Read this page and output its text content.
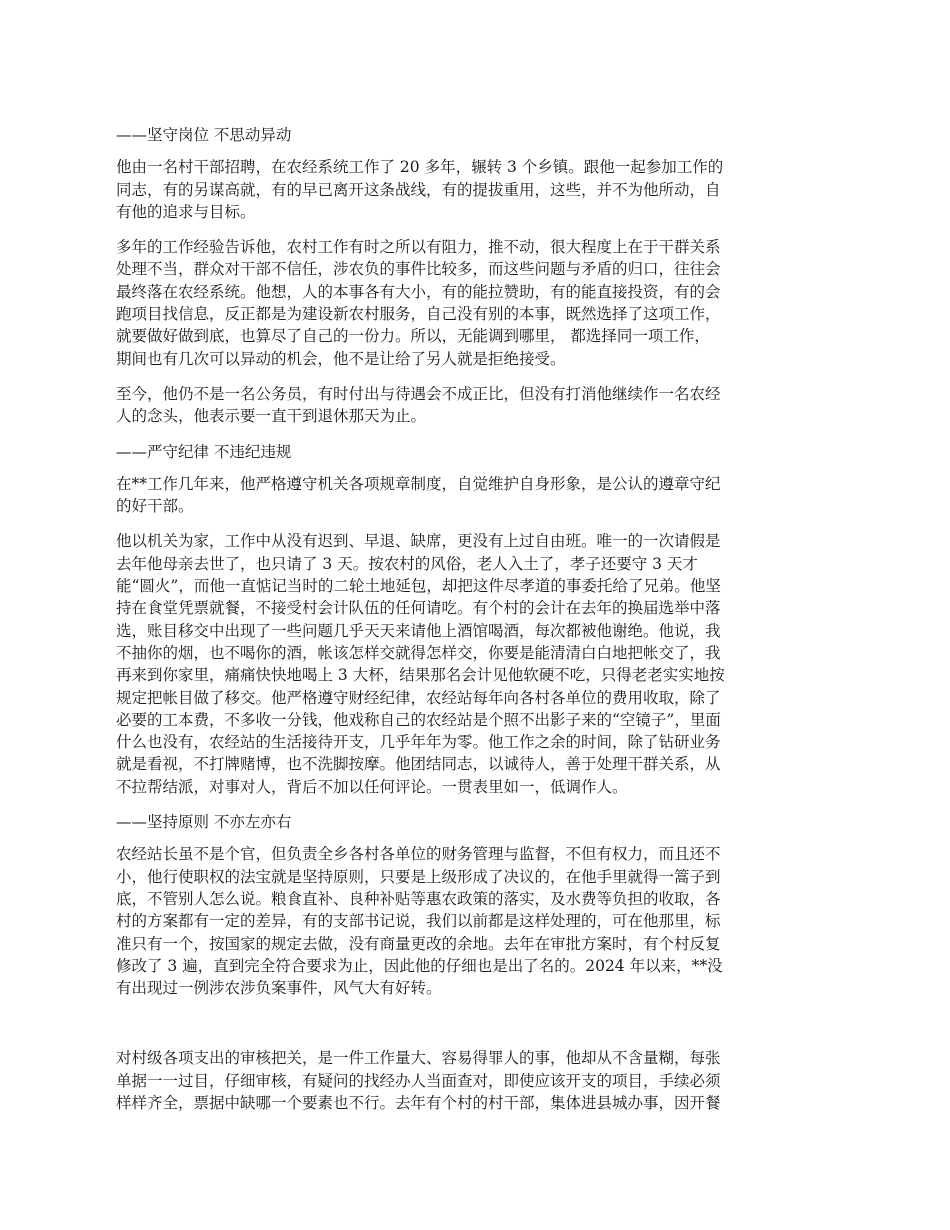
——坚守岗位 不思动异动
他由一名村干部招聘，在农经系统工作了 20 多年，辗转 3 个乡镇。跟他一起参加工作的
同志，有的另谋高就，有的早已离开这条战线，有的提拔重用，这些，并不为他所动，自
有他的追求与目标。
多年的工作经验告诉他，农村工作有时之所以有阻力，推不动，很大程度上在于干群关系
处理不当，群众对干部不信任，涉农负的事件比较多，而这些问题与矛盾的归口，往往会
最终落在农经系统。他想，人的本事各有大小，有的能拉赞助，有的能直接投资，有的会
跑项目找信息，反正都是为建设新农村服务，自己没有别的本事，既然选择了这项工作，
就要做好做到底，也算尽了自己的一份力。所以，无能调到哪里， 都选择同一项工作，
期间也有几次可以异动的机会，他不是让给了另人就是拒绝接受。
至今，他仍不是一名公务员，有时付出与待遇会不成正比，但没有打消他继续作一名农经
人的念头，他表示要一直干到退休那天为止。
——严守纪律 不违纪违规
在**工作几年来，他严格遵守机关各项规章制度，自觉维护自身形象，是公认的遵章守纪
的好干部。
他以机关为家，工作中从没有迟到、早退、缺席，更没有上过自由班。唯一的一次请假是
去年他母亲去世了，也只请了 3 天。按农村的风俗，老人入土了，孝子还要守 3 天才
能“圆火”，而他一直惦记当时的二轮土地延包，却把这件尽孝道的事委托给了兄弟。他坚
持在食堂凭票就餐，不接受村会计队伍的任何请吃。有个村的会计在去年的换届选举中落
选，账目移交中出现了一些问题几乎天天来请他上酒馆喝酒，每次都被他谢绝。他说，我
不抽你的烟，也不喝你的酒，帐该怎样交就得怎样交，你要是能清清白白地把帐交了，我
再来到你家里，痛痛快快地喝上 3 大杯，结果那名会计见他软硬不吃，只得老老实实地按
规定把帐目做了移交。他严格遵守财经纪律，农经站每年向各村各单位的费用收取，除了
必要的工本费，不多收一分钱，他戏称自己的农经站是个照不出影子来的“空镜子”，里面
什么也没有，农经站的生活接待开支，几乎年年为零。他工作之余的时间，除了钻研业务
就是看视，不打牌赌博，也不洗脚按摩。他团结同志，以诚待人，善于处理干群关系，从
不拉帮结派，对事对人，背后不加以任何评论。一贯表里如一，低调作人。
——坚持原则 不亦左亦右
农经站长虽不是个官，但负责全乡各村各单位的财务管理与监督，不但有权力，而且还不
小，他行使职权的法宝就是坚持原则，只要是上级形成了决议的，在他手里就得一篙子到
底，不管别人怎么说。粮食直补、良种补贴等惠农政策的落实，及水费等负担的收取，各
村的方案都有一定的差异，有的支部书记说，我们以前都是这样处理的，可在他那里，标
准只有一个，按国家的规定去做，没有商量更改的余地。去年在审批方案时，有个村反复
修改了 3 遍，直到完全符合要求为止，因此他的仔细也是出了名的。2024 年以来，**没
有出现过一例涉农涉负案事件，风气大有好转。
对村级各项支出的审核把关，是一件工作量大、容易得罪人的事，他却从不含量糊，每张
单据一一过目，仔细审核，有疑问的找经办人当面查对，即使应该开支的项目，手续必须
样样齐全，票据中缺哪一个要素也不行。去年有个村的村干部，集体进县城办事，因开餐
